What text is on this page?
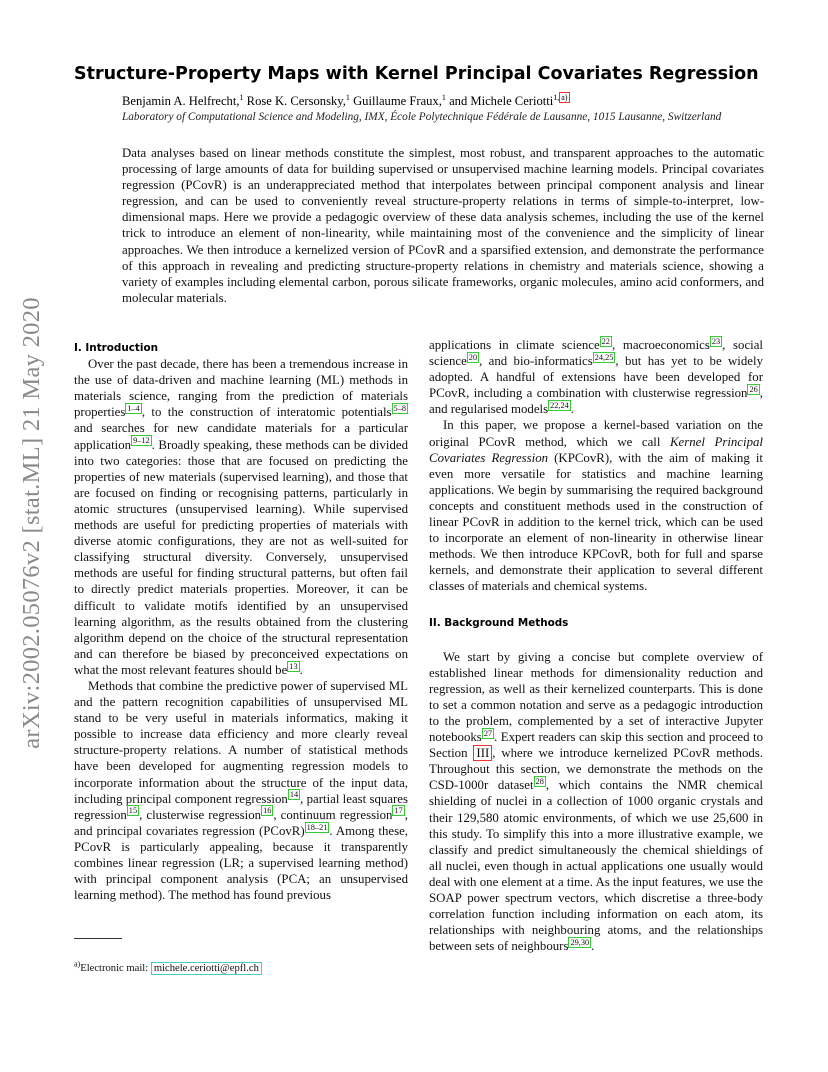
arXiv:2002.05076v2 [stat.ML] 21 May 2020
Structure-Property Maps with Kernel Principal Covariates Regression
Benjamin A. Helfrecht,$^1$ Rose K. Cersonsky,$^1$ Guillaume Fraux,$^1$ and Michele Ceriotti$^{1,}$ $^{a)}$
Laboratory of Computational Science and Modeling, IMX, École Polytechnique Fédérale de Lausanne, 1015 Lausanne, Switzerland

Data analyses based on linear methods constitute the simplest, most robust, and transparent approaches to the automatic processing of large amounts of data for building supervised or unsupervised machine learning models. Principal covariates regression (PCovR) is an underappreciated method that interpolates between principal component analysis and linear regression, and can be used to conveniently reveal structure-property relations in terms of simple-to-interpret, low-dimensional maps. Here we provide a pedagogic overview of these data analysis schemes, including the use of the kernel trick to introduce an element of non-linearity, while maintaining most of the convenience and the simplicity of linear approaches. We then introduce a kernelized version of PCovR and a sparsified extension, and demonstrate the performance of this approach in revealing and predicting structure-property relations in chemistry and materials science, showing a variety of examples including elemental carbon, porous silicate frameworks, organic molecules, amino acid conformers, and molecular materials.

I. Introduction

Over the past decade, there has been a tremendous increase in the use of data-driven and machine learning (ML) methods in materials science, ranging from the prediction of materials properties $^{1-4}$ , to the construction of interatomic potentials $^{5-8}$ and searches for new candidate materials for a particular application $^{9-12}$ . Broadly speaking, these methods can be divided into two categories: those that are focused on predicting the properties of new materials (supervised learning), and those that are focused on finding or recognising patterns, particularly in atomic structures (unsupervised learning). While supervised methods are useful for predicting properties of materials with diverse atomic configurations, they are not as well-suited for classifying structural diversity. Conversely, unsupervised methods are useful for finding structural patterns, but often fail to directly predict materials properties. Moreover, it can be difficult to validate motifs identified by an unsupervised learning algorithm, as the results obtained from the clustering algorithm depend on the choice of the structural representation and can therefore be biased by preconceived expectations on what the most relevant features should be $^{13}$ .

Methods that combine the predictive power of supervised ML and the pattern recognition capabilities of unsupervised ML stand to be very useful in materials informatics, making it possible to increase data efficiency and more clearly reveal structure-property relations. A number of statistical methods have been developed for augmenting regression models to incorporate information about the structure of the input data, including principal component regression $^{14}$ , partial least squares regression $^{15}$ , clusterwise regression $^{16}$ , continuum regression $^{17}$ , and principal covariates regression (PCovR) $^{18-21}$ . Among these, PCovR is particularly appealing, because it transparently combines linear regression (LR; a supervised learning method) with principal component analysis (PCA; an unsupervised learning method). The method has found previous

applications in climate science $^{22}$ , macroeconomics $^{23}$ , social science $^{20}$ , and bio-informatics $^{24,25}$ , but has yet to be widely adopted. A handful of extensions have been developed for PCovR, including a combination with clusterwise regression $^{26}$ , and regularised models $^{22,24}$ .

In this paper, we propose a kernel-based variation on the original PCovR method, which we call Kernel Principal Covariates Regression (KPCovR), with the aim of making it even more versatile for statistics and machine learning applications. We begin by summarising the required background concepts and constituent methods used in the construction of linear PCovR in addition to the kernel trick, which can be used to incorporate an element of non-linearity in otherwise linear methods. We then introduce KPCovR, both for full and sparse kernels, and demonstrate their application to several different classes of materials and chemical systems.

II. Background Methods

We start by giving a concise but complete overview of established linear methods for dimensionality reduction and regression, as well as their kernelized counterparts. This is done to set a common notation and serve as a pedagogic introduction to the problem, complemented by a set of interactive Jupyter notebooks $^{27}$ . Expert readers can skip this section and proceed to Section III , where we introduce kernelized PCovR methods. Throughout this section, we demonstrate the methods on the CSD-1000r dataset $^{28}$ , which contains the NMR chemical shielding of nuclei in a collection of 1000 organic crystals and their 129,580 atomic environments, of which we use 25,600 in this study. To simplify this into a more illustrative example, we classify and predict simultaneously the chemical shieldings of all nuclei, even though in actual applications one usually would deal with one element at a time. As the input features, we use the SOAP power spectrum vectors, which discretise a three-body correlation function including information on each atom, its relationships with neighbouring atoms, and the relationships between sets of neighbours $^{29,30}$ .

$^{a)}$Electronic mail: michele.ceriotti@epfl.ch
